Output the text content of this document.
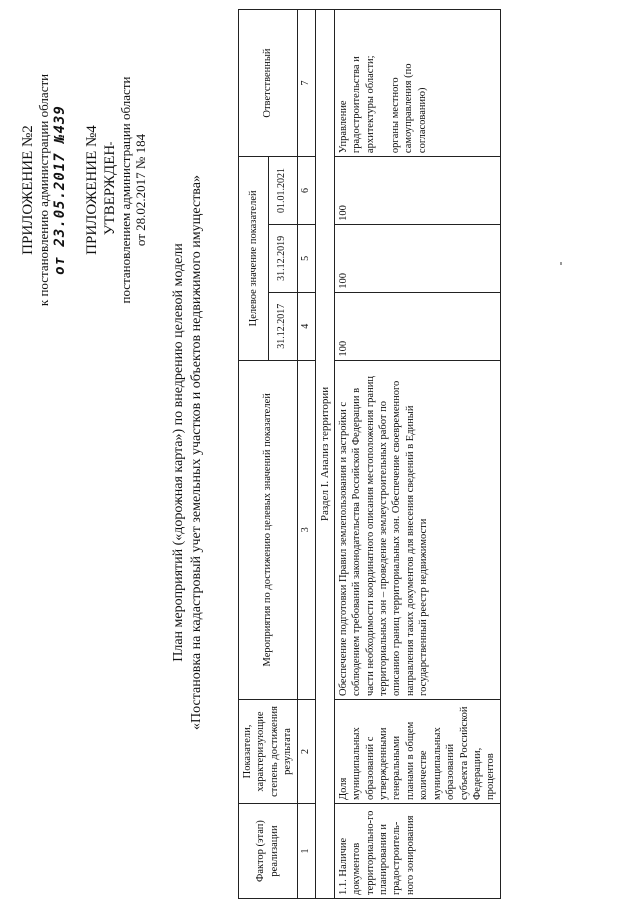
ПРИЛОЖЕНИЕ №2 к постановлению администрации области от 23.05.2017 №439 ПРИЛОЖЕНИЕ №4 УТВЕРЖДЕН постановлением администрации области от 28.02.2017 № 184
План мероприятий («дорожная карта») по внедрению целевой модели «Постановка на кадастровый учет земельных участков и объектов недвижимого имущества»
Фактор (этап) реализации	Показатели, характеризующие степень достижения результата	Мероприятия по достижению целевых значений показателей	Целевое значение показателей			Ответственный
			31.12.2017	31.12.2019	01.01.2021	
1	2	3	4	5	6	7
Раздел I. Анализ территории						
1.1. Наличие документов территориально-го планирования и градостроитель-ного зонирования	Доля муниципальных образований с утвержденными генеральными планами в общем количестве муниципальных образований субъекта Российской Федерации, процентов	Обеспечение подготовки Правил землепользования и застройки с соблюдением требований законодательства Российской Федерации в части необходимости координатного описания местоположения границ территориальных зон – проведение землеустроительных работ по описанию границ территориальных зон. Обеспечение своевременного направления таких документов для внесения сведений в Единый государственный реестр недвижимости	100	100	100	Управление градостроительства и архитектуры области; органы местного самоуправления (по согласованию)
